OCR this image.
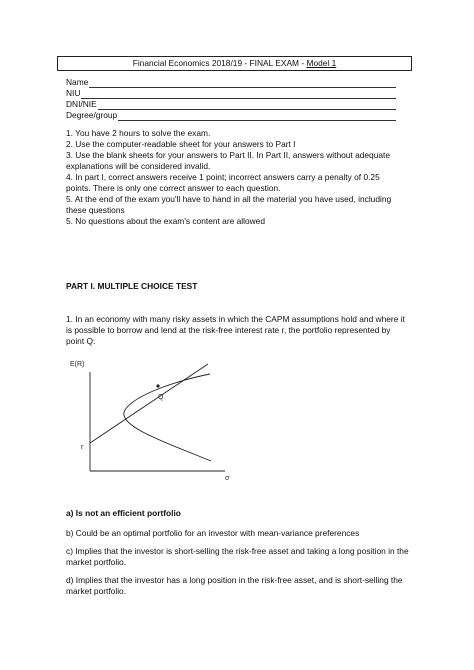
Financial Economics 2018/19 - FINAL EXAM - Model 1
Name
NIU
DNI/NIE
Degree/group

1. You have 2 hours to solve the exam.

2. Use the computer-readable sheet for your answers to Part I

3. Use the blank sheets for your answers to Part II. In Part II, answers without adequate explanations will be considered invalid.

4. In part I, correct answers receive 1 point; incorrect answers carry a penalty of 0.25 points. There is only one correct answer to each question.

5. At the end of the exam you'll have to hand in all the material you have used, including these questions

5. No questions about the exam's content are allowed

PART I. MULTIPLE CHOICE TEST

1. In an economy with many risky assets in which the CAPM assumptions hold and where it is possible to borrow and lend at the risk-free interest rate r, the portfolio represented by point Q:

E(R)
r
σ
Q

a) Is not an efficient portfolio

b) Could be an optimal portfolio for an investor with mean-variance preferences

c) Implies that the investor is short-selling the risk-free asset and taking a long position in the market portfolio.

d) Implies that the investor has a long position in the risk-free asset, and is short-selling the market portfolio.
